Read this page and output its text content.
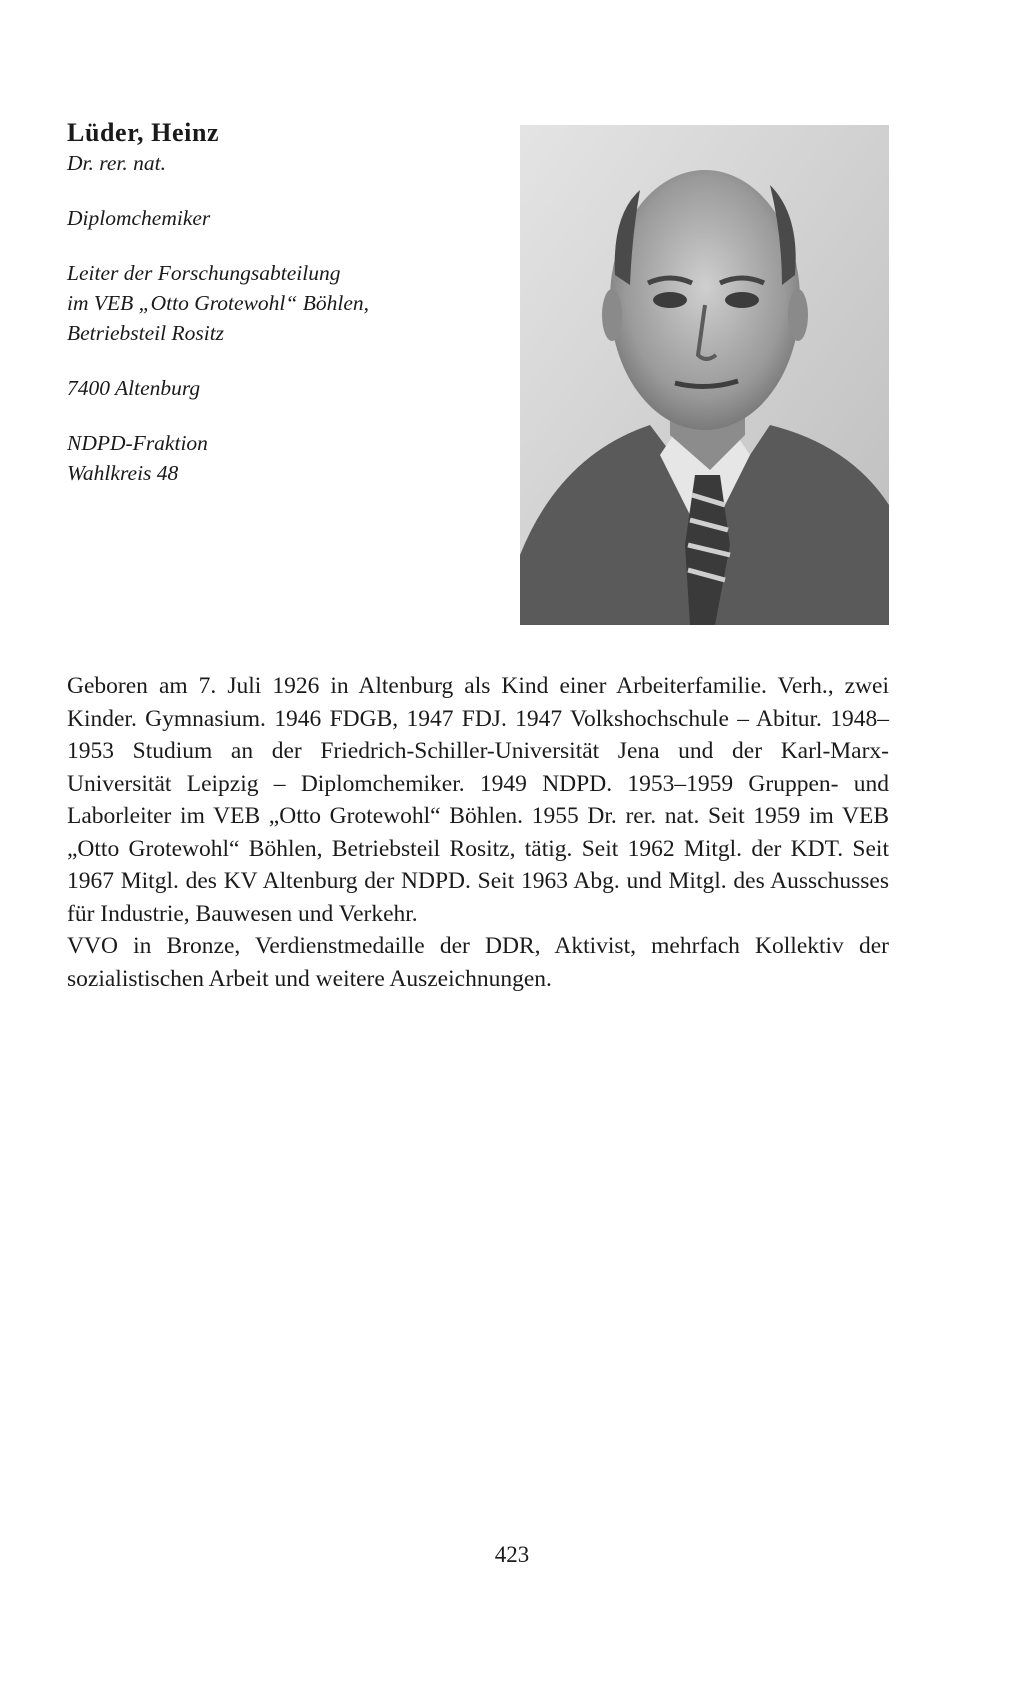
Lüder, Heinz
Dr. rer. nat.
Diplomchemiker
Leiter der Forschungsabteilung
im VEB „Otto Grotewohl“ Böhlen,
Betriebsteil Rositz
7400 Altenburg
NDPD-Fraktion
Wahlkreis 48

Geboren am 7. Juli 1926 in Altenburg als Kind einer Arbeiterfamilie. Verh., zwei Kinder. Gymnasium. 1946 FDGB, 1947 FDJ. 1947 Volkshochschule – Abitur. 1948–1953 Studium an der Friedrich-Schiller-Universität Jena und der Karl-Marx-Universität Leipzig – Diplomchemiker. 1949 NDPD. 1953–1959 Gruppen- und Laborleiter im VEB „Otto Grotewohl“ Böhlen. 1955 Dr. rer. nat. Seit 1959 im VEB „Otto Grotewohl“ Böhlen, Betriebsteil Rositz, tätig. Seit 1962 Mitgl. der KDT. Seit 1967 Mitgl. des KV Altenburg der NDPD. Seit 1963 Abg. und Mitgl. des Ausschusses für Industrie, Bauwesen und Verkehr.

VVO in Bronze, Verdienstmedaille der DDR, Aktivist, mehrfach Kollektiv der sozialistischen Arbeit und weitere Auszeichnungen.

423
